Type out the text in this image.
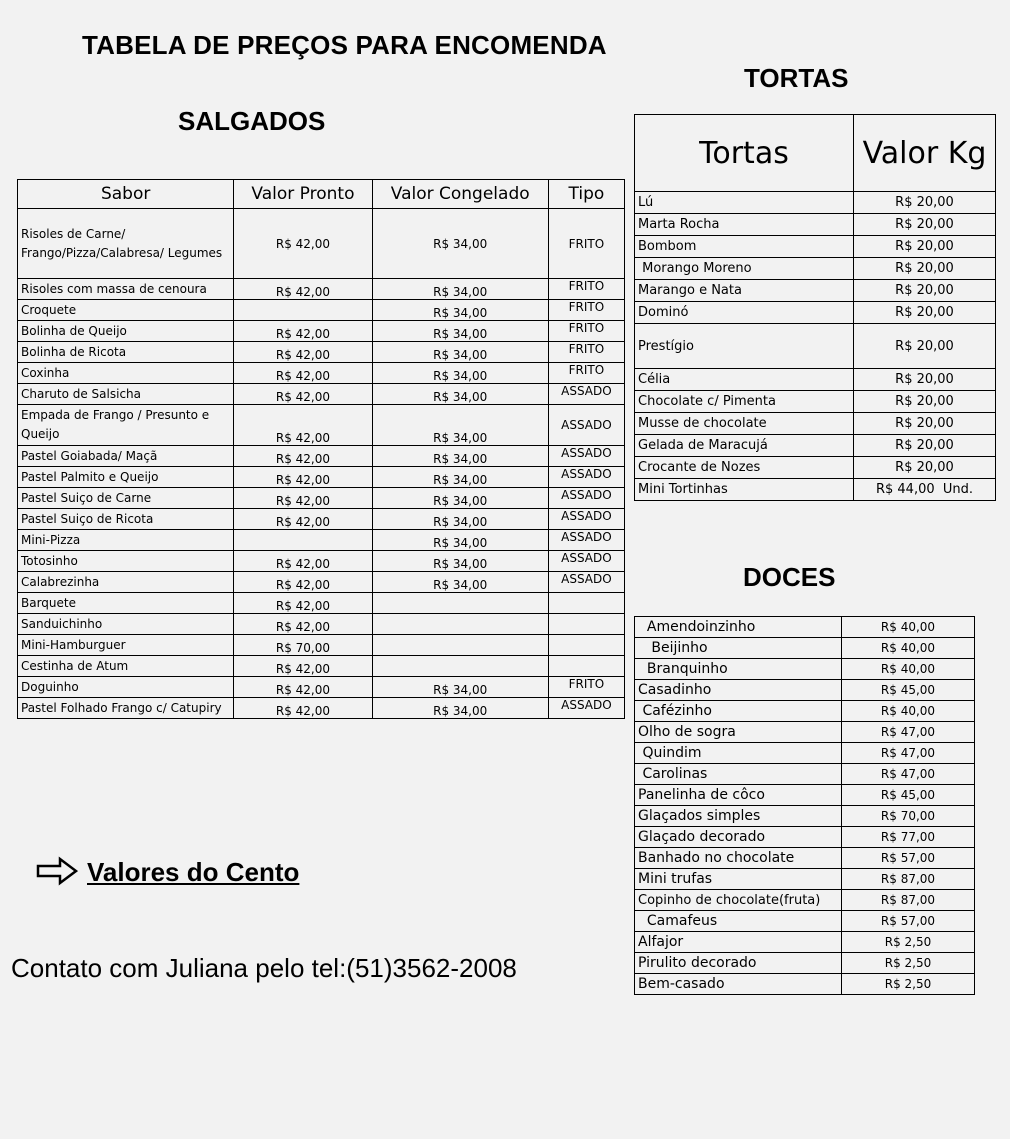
TABELA DE PREÇOS PARA ENCOMENDA
TORTAS
SALGADOS
DOCES
Sabor	Valor Pronto	Valor Congelado	Tipo
Risoles de Carne/ Frango/Pizza/Calabresa/ Legumes	R$ 42,00	R$ 34,00	FRITO
Risoles com massa de cenoura	R$ 42,00	R$ 34,00	FRITO
Croquete		R$ 34,00	FRITO
Bolinha de Queijo	R$ 42,00	R$ 34,00	FRITO
Bolinha de Ricota	R$ 42,00	R$ 34,00	FRITO
Coxinha	R$ 42,00	R$ 34,00	FRITO
Charuto de Salsicha	R$ 42,00	R$ 34,00	ASSADO
Empada de Frango / Presunto e Queijo	R$ 42,00	R$ 34,00	ASSADO
Pastel Goiabada/ Maçã	R$ 42,00	R$ 34,00	ASSADO
Pastel Palmito e Queijo	R$ 42,00	R$ 34,00	ASSADO
Pastel Suiço de Carne	R$ 42,00	R$ 34,00	ASSADO
Pastel Suiço de Ricota	R$ 42,00	R$ 34,00	ASSADO
Mini-Pizza		R$ 34,00	ASSADO
Totosinho	R$ 42,00	R$ 34,00	ASSADO
Calabrezinha	R$ 42,00	R$ 34,00	ASSADO
Barquete	R$ 42,00		
Sanduichinho	R$ 42,00		
Mini-Hamburguer	R$ 70,00		
Cestinha de Atum	R$ 42,00		
Doguinho	R$ 42,00	R$ 34,00	FRITO
Pastel Folhado Frango c/ Catupiry	R$ 42,00	R$ 34,00	ASSADO
Tortas	Valor Kg
Lú	R$ 20,00
Marta Rocha	R$ 20,00
Bombom	R$ 20,00
Morango Moreno	R$ 20,00
Marango e Nata	R$ 20,00
Dominó	R$ 20,00
Prestígio	R$ 20,00
Célia	R$ 20,00
Chocolate c/ Pimenta	R$ 20,00
Musse de chocolate	R$ 20,00
Gelada de Maracujá	R$ 20,00
Crocante de Nozes	R$ 20,00
Mini Tortinhas	R$ 44,00  Und.
Amendoinzinho	R$ 40,00
Beijinho	R$ 40,00
Branquinho	R$ 40,00
Casadinho	R$ 45,00
Cafézinho	R$ 40,00
Olho de sogra	R$ 47,00
Quindim	R$ 47,00
Carolinas	R$ 47,00
Panelinha de côco	R$ 45,00
Glaçados simples	R$ 70,00
Glaçado decorado	R$ 77,00
Banhado no chocolate	R$ 57,00
Mini trufas	R$ 87,00
Copinho de chocolate(fruta)	R$ 87,00
Camafeus	R$ 57,00
Alfajor	R$ 2,50
Pirulito decorado	R$ 2,50
Bem-casado	R$ 2,50
Valores do Cento
Contato com Juliana pelo tel:(51)3562-2008
